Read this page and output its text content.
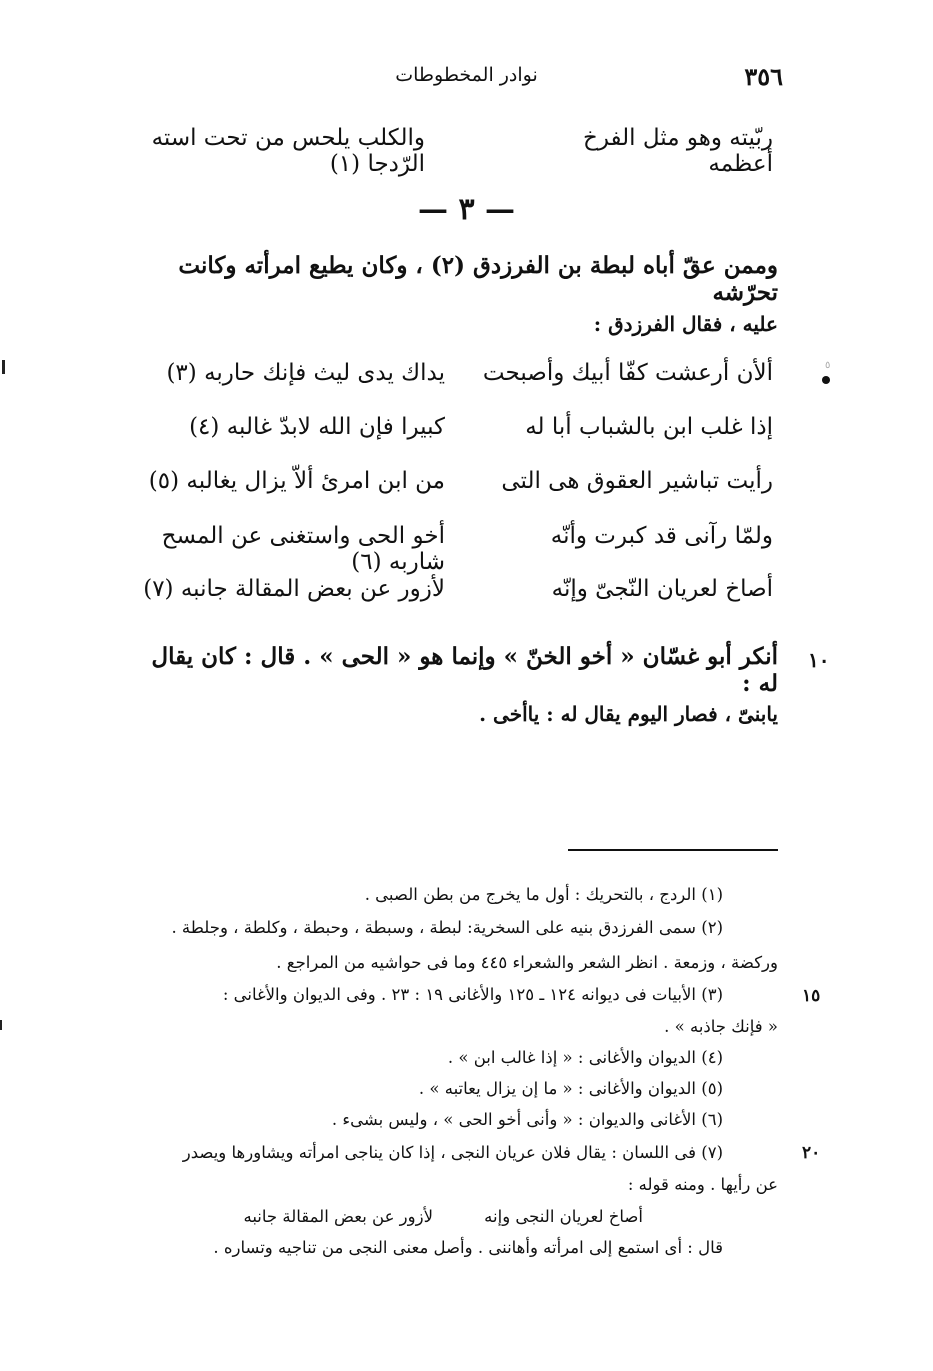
٣٥٦
نوادر المخطوطات
ربّيته وهو مثل الفرخ أعظمه
والكلب يلحس من تحت استه الرّدجا (١)
— ٣ —
وممن عقّ أباه لبطة بن الفرزدق (٢) ، وكان يطيع امرأته وكانت تحرّشه
عليه ، فقال الفرزدق :
٥
ألأن أرعشت كفّا أبيك وأصبحت
يداك يدى ليث فإنك حاربه (٣)
إذا غلب ابن بالشباب أبا له
كبيرا فإن الله لابدّ غالبه (٤)
رأيت تباشير العقوق هى التى
من ابن امرئ ألاّ يزال يغالبه (٥)
ولمّا رآنى قد كبرت وأنّه
أخو الحى واستغنى عن المسح شاربه (٦)
أصاخ لعريان النّجىّ وإنّه
لأزور عن بعض المقالة جانبه (٧)
١٠
أنكر أبو غسّان « أخو الخنّ » وإنما هو « الحى » . قال : كان يقال له :
يابنىّ ، فصار اليوم يقال له : ياأخى .
(١) الردج ، بالتحريك : أول ما يخرج من بطن الصبى .
(٢) سمى الفرزدق بنيه على السخرية: لبطة ، وسبطة ، وحبطة ، وكلطة ، وجلطة .
وركضة ، وزمعة . انظر الشعر والشعراء ٤٤٥ وما فى حواشيه من المراجع .
١٥
(٣) الأبيات فى ديوانه ١٢٤ ـ ١٢٥ والأغانى ١٩ : ٢٣ . وفى الديوان والأغانى :
« فإنك جاذبه » .
(٤) الديوان والأغانى : « إذا غالب ابن » .
(٥) الديوان والأغانى : « ما إن يزال يعاتبه » .
(٦) الأغانى والديوان : « وأنى أخو الحى » ، وليس بشىء .
٢٠
(٧) فى اللسان : يقال فلان عريان النجى ، إذا كان يناجى امرأته ويشاورها ويصدر
عن رأيها . ومنه قوله :
أصاخ لعريان النجى وإنه
لأزور عن بعض المقالة جانبه
قال : أى استمع إلى امرأته وأهاننى . وأصل معنى النجى من تناجيه وتساره .
